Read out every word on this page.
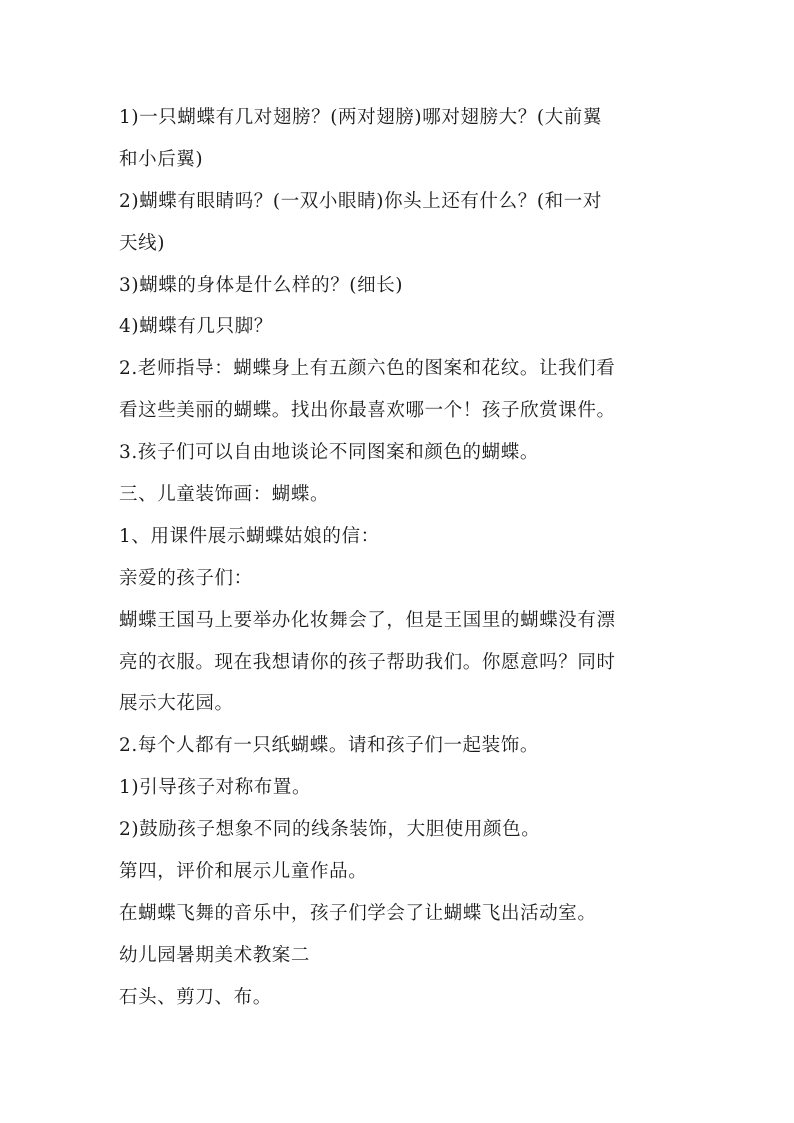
1)一只蝴蝶有几对翅膀？(两对翅膀)哪对翅膀大？(大前翼
和小后翼)
2)蝴蝶有眼睛吗？(一双小眼睛)你头上还有什么？(和一对
天线)
3)蝴蝶的身体是什么样的？(细长)
4)蝴蝶有几只脚？
2.老师指导：蝴蝶身上有五颜六色的图案和花纹。让我们看
看这些美丽的蝴蝶。找出你最喜欢哪一个！孩子欣赏课件。
3.孩子们可以自由地谈论不同图案和颜色的蝴蝶。
三、儿童装饰画：蝴蝶。
1、用课件展示蝴蝶姑娘的信：
亲爱的孩子们：
蝴蝶王国马上要举办化妆舞会了，但是王国里的蝴蝶没有漂
亮的衣服。现在我想请你的孩子帮助我们。你愿意吗？同时
展示大花园。
2.每个人都有一只纸蝴蝶。请和孩子们一起装饰。
1)引导孩子对称布置。
2)鼓励孩子想象不同的线条装饰，大胆使用颜色。
第四，评价和展示儿童作品。
在蝴蝶飞舞的音乐中，孩子们学会了让蝴蝶飞出活动室。
幼儿园暑期美术教案二
石头、剪刀、布。
